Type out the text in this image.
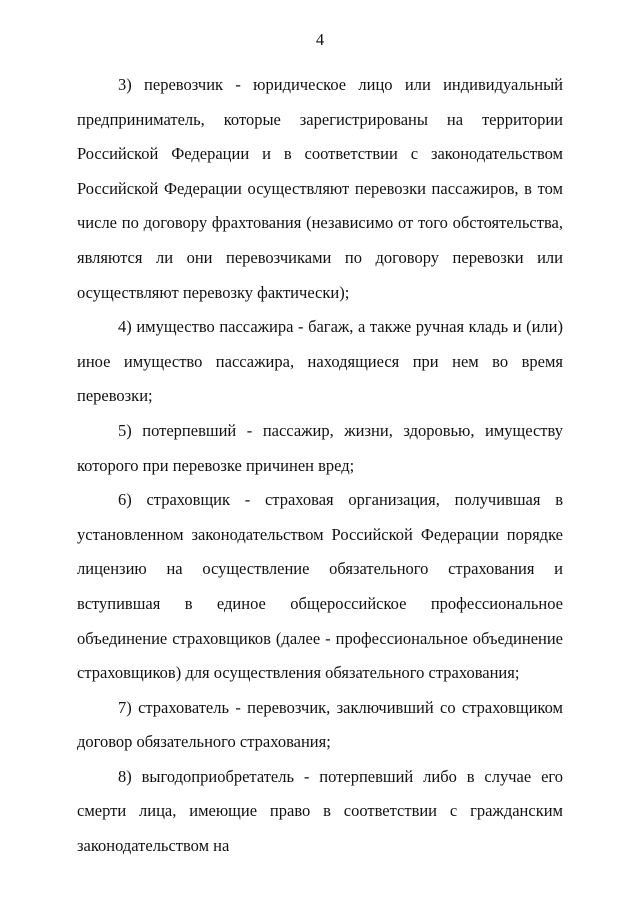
4

3) перевозчик - юридическое лицо или индивидуальный предприниматель, которые зарегистрированы на территории Российской Федерации и в соответствии с законодательством Российской Федерации осуществляют перевозки пассажиров, в том числе по договору фрахтования (независимо от того обстоятельства, являются ли они перевозчиками по договору перевозки или осуществляют перевозку фактически);

4) имущество пассажира - багаж, а также ручная кладь и (или) иное имущество пассажира, находящиеся при нем во время перевозки;

5) потерпевший - пассажир, жизни, здоровью, имуществу которого при перевозке причинен вред;

6) страховщик - страховая организация, получившая в установленном законодательством Российской Федерации порядке лицензию на осуществление обязательного страхования и вступившая в единое общероссийское профессиональное объединение страховщиков (далее - профессиональное объединение страховщиков) для осуществления обязательного страхования;

7) страхователь - перевозчик, заключивший со страховщиком договор обязательного страхования;

8) выгодоприобретатель - потерпевший либо в случае его смерти лица, имеющие право в соответствии с гражданским законодательством на
